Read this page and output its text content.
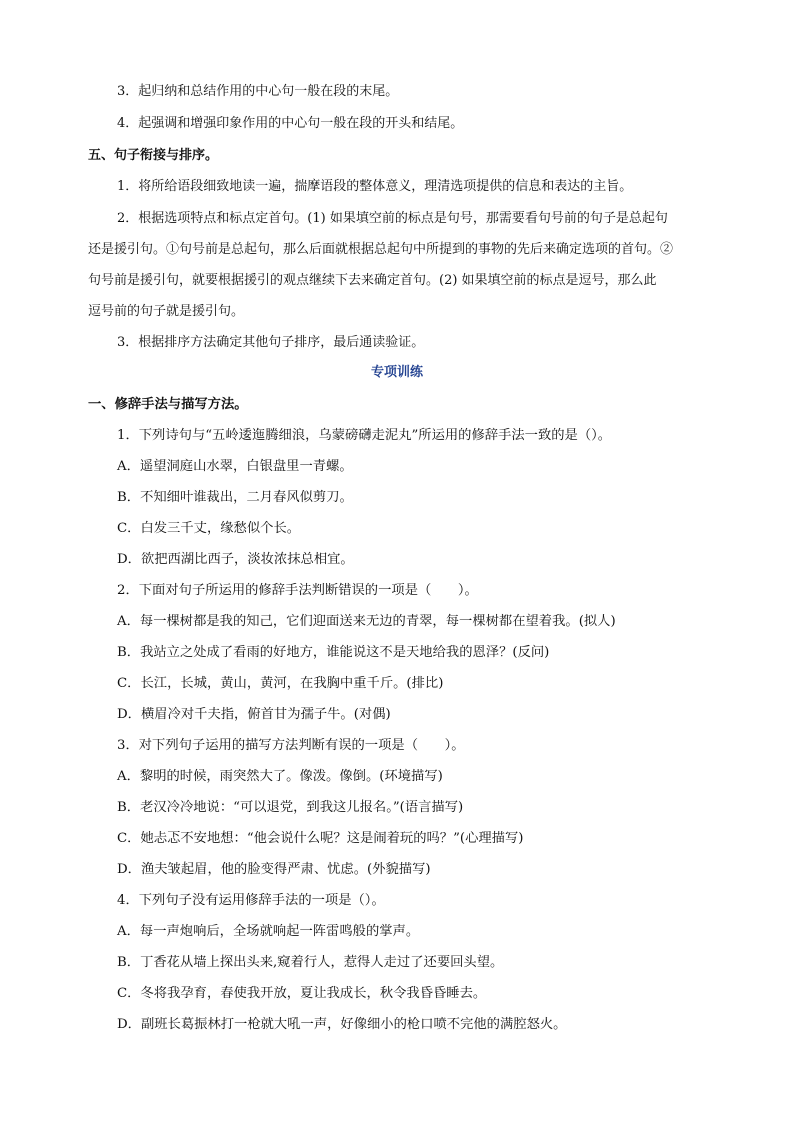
3．起归纳和总结作用的中心句一般在段的末尾。
4．起强调和增强印象作用的中心句一般在段的开头和结尾。
五、句子衔接与排序。
1．将所给语段细致地读一遍，揣摩语段的整体意义，理清选项提供的信息和表达的主旨。
2．根据选项特点和标点定首句。(1) 如果填空前的标点是句号，那需要看句号前的句子是总起句
还是援引句。①句号前是总起句，那么后面就根据总起句中所提到的事物的先后来确定选项的首句。②
句号前是援引句，就要根据援引的观点继续下去来确定首句。(2) 如果填空前的标点是逗号，那么此
逗号前的句子就是援引句。
3．根据排序方法确定其他句子排序，最后通读验证。
专项训练
一、修辞手法与描写方法。
1．下列诗句与“五岭逶迤腾细浪，乌蒙磅礴走泥丸”所运用的修辞手法一致的是（）。
A．遥望洞庭山水翠，白银盘里一青螺。
B．不知细叶谁裁出，二月春风似剪刀。
C．白发三千丈，缘愁似个长。
D．欲把西湖比西子，淡妆浓抹总相宜。
2．下面对句子所运用的修辞手法判断错误的一项是（　　）。
A．每一棵树都是我的知己，它们迎面送来无边的青翠，每一棵树都在望着我。(拟人)
B．我站立之处成了看雨的好地方，谁能说这不是天地给我的恩泽？(反问)
C．长江，长城，黄山，黄河，在我胸中重千斤。(排比)
D．横眉冷对千夫指，俯首甘为孺子牛。(对偶)
3．对下列句子运用的描写方法判断有误的一项是（　　）。
A．黎明的时候，雨突然大了。像泼。像倒。(环境描写)
B．老汉冷冷地说：“可以退党，到我这儿报名。”(语言描写)
C．她忐忑不安地想：“他会说什么呢？这是闹着玩的吗？”(心理描写)
D．渔夫皱起眉，他的脸变得严肃、忧虑。(外貌描写)
4．下列句子没有运用修辞手法的一项是（）。
A．每一声炮响后，全场就响起一阵雷鸣般的掌声。
B．丁香花从墙上探出头来,窥着行人，惹得人走过了还要回头望。
C．冬将我孕育，春使我开放，夏让我成长，秋令我昏昏睡去。
D．副班长葛振林打一枪就大吼一声，好像细小的枪口喷不完他的满腔怒火。
